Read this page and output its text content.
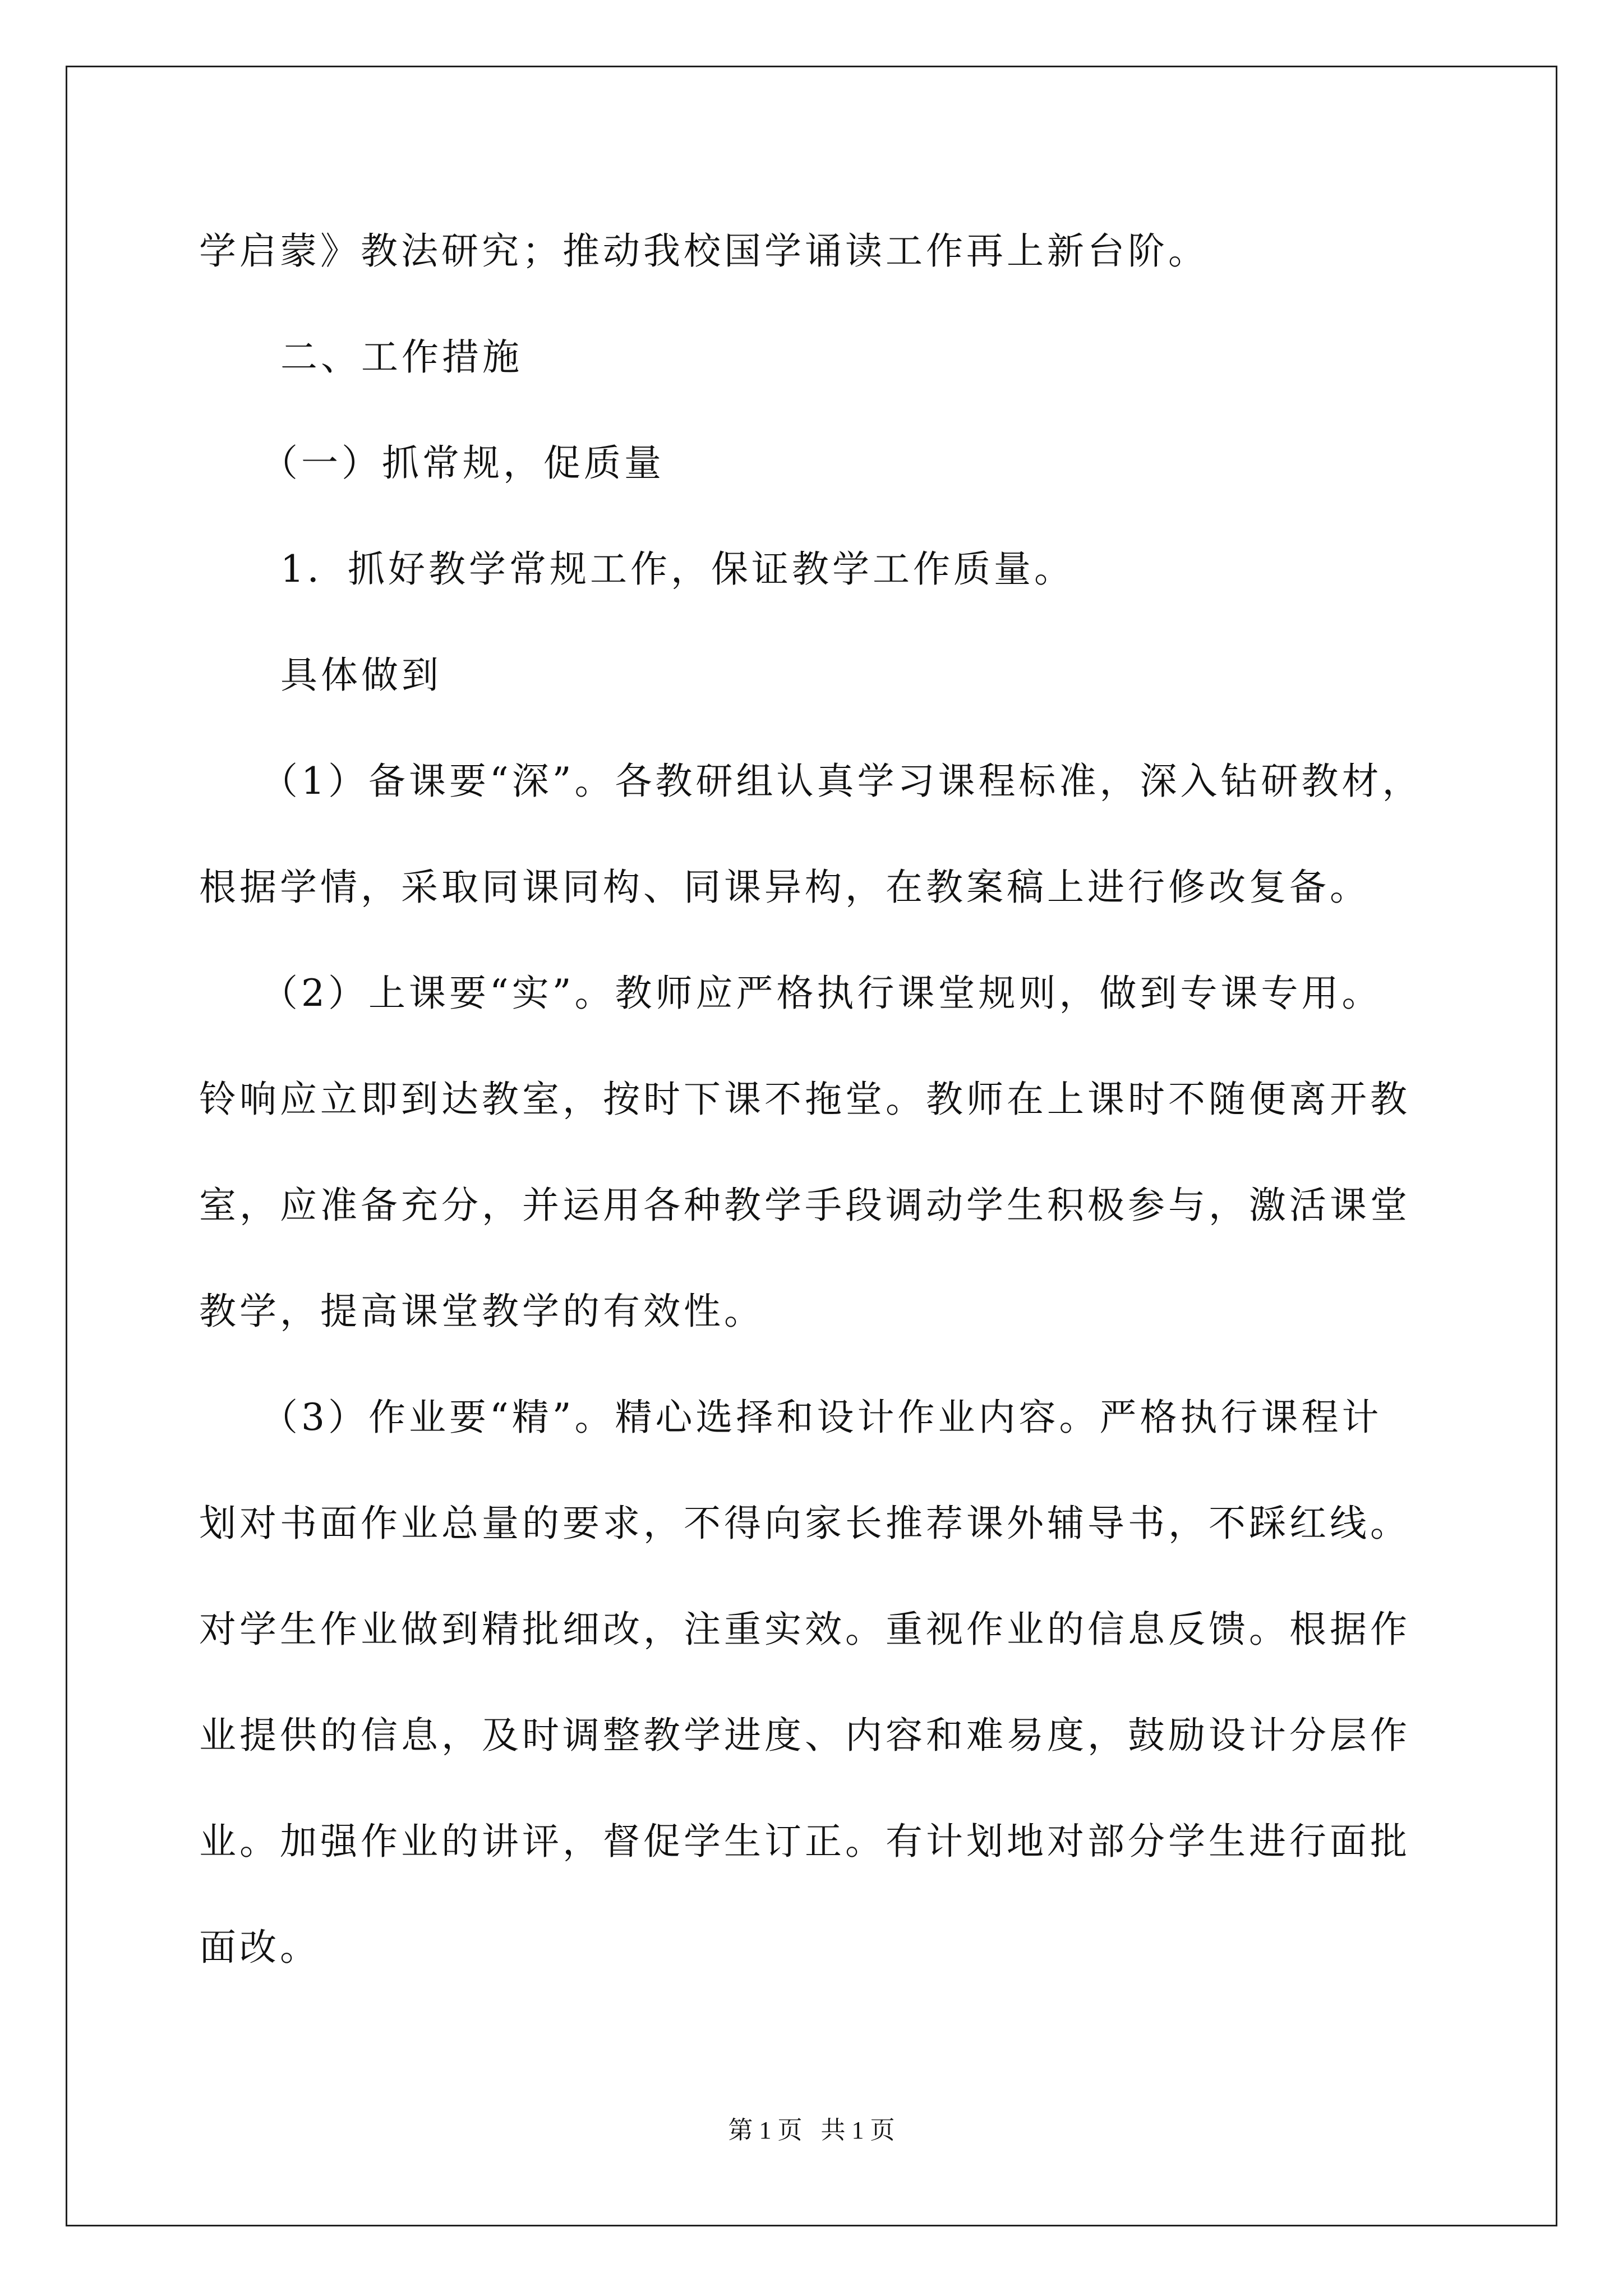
学启蒙》教法研究；推动我校国学诵读工作再上新台阶。
二、工作措施
（一）抓常规，促质量
1．抓好教学常规工作，保证教学工作质量。
具体做到
（1）备课要“深”。各教研组认真学习课程标准，深入钻研教材，
根据学情，采取同课同构、同课异构，在教案稿上进行修改复备。
（2）上课要“实”。教师应严格执行课堂规则，做到专课专用。
铃响应立即到达教室，按时下课不拖堂。教师在上课时不随便离开教
室，应准备充分，并运用各种教学手段调动学生积极参与，激活课堂
教学，提高课堂教学的有效性。
（3）作业要“精”。精心选择和设计作业内容。严格执行课程计
划对书面作业总量的要求，不得向家长推荐课外辅导书，不踩红线。
对学生作业做到精批细改，注重实效。重视作业的信息反馈。根据作
业提供的信息，及时调整教学进度、内容和难易度，鼓励设计分层作
业。加强作业的讲评，督促学生订正。有计划地对部分学生进行面批
面改。
第 1 页   共 1 页
